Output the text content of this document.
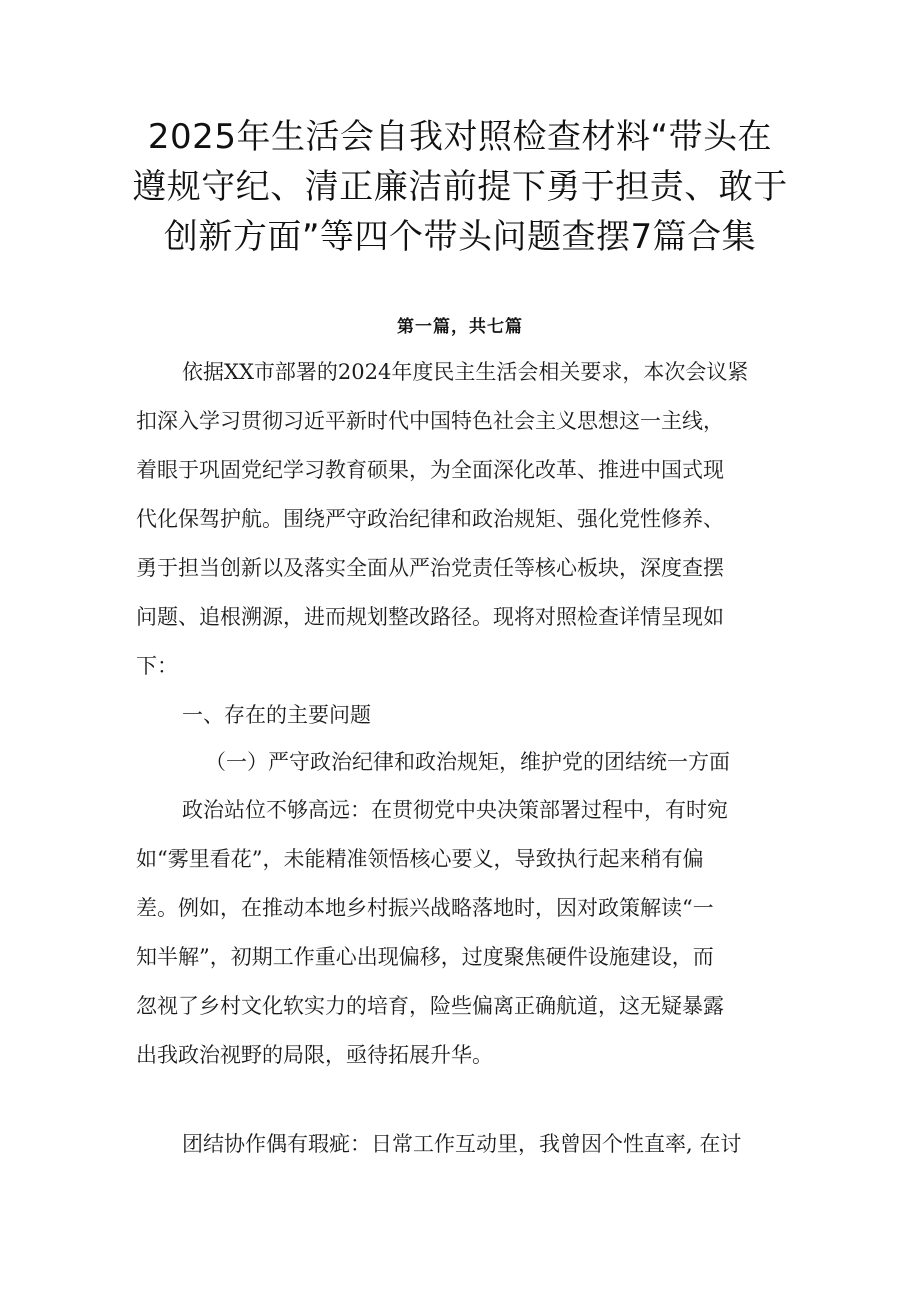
2025年生活会自我对照检查材料“带头在
遵规守纪、清正廉洁前提下勇于担责、敢于
创新方面”等四个带头问题查摆7篇合集
第一篇，共七篇
依据XX市部署的2024年度民主生活会相关要求，本次会议紧
扣深入学习贯彻习近平新时代中国特色社会主义思想这一主线，
着眼于巩固党纪学习教育硕果，为全面深化改革、推进中国式现
代化保驾护航。围绕严守政治纪律和政治规矩、强化党性修养、
勇于担当创新以及落实全面从严治党责任等核心板块，深度查摆
问题、追根溯源，进而规划整改路径。现将对照检查详情呈现如
下：
一、存在的主要问题
（一）严守政治纪律和政治规矩，维护党的团结统一方面
政治站位不够高远：在贯彻党中央决策部署过程中，有时宛
如“雾里看花”，未能精准领悟核心要义，导致执行起来稍有偏
差。例如，在推动本地乡村振兴战略落地时，因对政策解读“一
知半解”，初期工作重心出现偏移，过度聚焦硬件设施建设，而
忽视了乡村文化软实力的培育，险些偏离正确航道，这无疑暴露
出我政治视野的局限，亟待拓展升华。
团结协作偶有瑕疵：日常工作互动里，我曾因个性直率, 在讨
